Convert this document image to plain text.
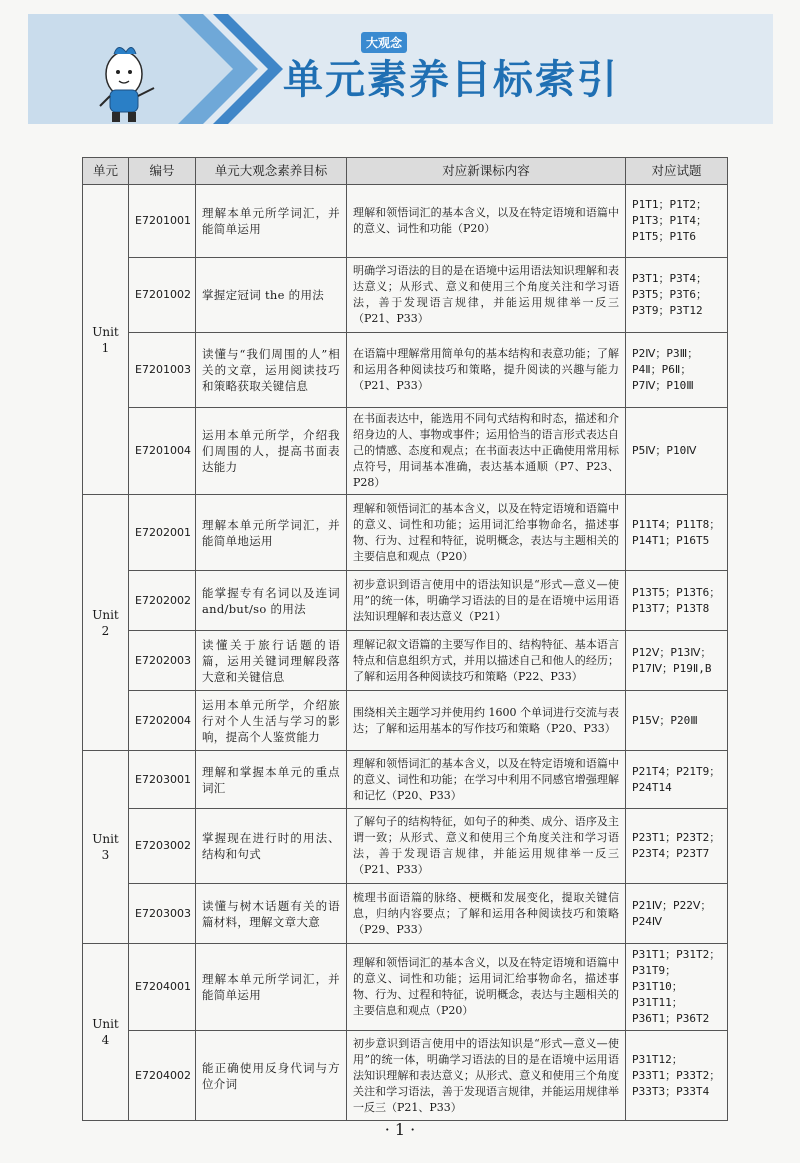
大观念
单元素养目标索引
单元	编号	单元大观念素养目标	对应新课标内容	对应试题
Unit 1	E7201001	理解本单元所学词汇，并能简单运用	理解和领悟词汇的基本含义，以及在特定语境和语篇中的意义、词性和功能（P20）	P1T1；P1T2；P1T3；P1T4；P1T5；P1T6
	E7201002	掌握定冠词 the 的用法	明确学习语法的目的是在语境中运用语法知识理解和表达意义；从形式、意义和使用三个角度关注和学习语法，善于发现语言规律，并能运用规律举一反三（P21、P33）	P3T1；P3T4；P3T5；P3T6；P3T9；P3T12
	E7201003	读懂与“我们周围的人”相关的文章，运用阅读技巧和策略获取关键信息	在语篇中理解常用简单句的基本结构和表意功能；了解和运用各种阅读技巧和策略，提升阅读的兴趣与能力（P21、P33）	P2Ⅳ；P3Ⅲ；P4Ⅱ；P6Ⅱ；P7Ⅳ；P10Ⅲ
	E7201004	运用本单元所学，介绍我们周围的人，提高书面表达能力	在书面表达中，能选用不同句式结构和时态，描述和介绍身边的人、事物或事件；运用恰当的语言形式表达自己的情感、态度和观点；在书面表达中正确使用常用标点符号，用词基本准确，表达基本通顺（P7、P23、P28）	P5Ⅳ；P10Ⅳ
Unit 2	E7202001	理解本单元所学词汇，并能简单地运用	理解和领悟词汇的基本含义，以及在特定语境和语篇中的意义、词性和功能；运用词汇给事物命名，描述事物、行为、过程和特征，说明概念，表达与主题相关的主要信息和观点（P20）	P11T4；P11T8；P14T1；P16T5
	E7202002	能掌握专有名词以及连词 and/but/so 的用法	初步意识到语言使用中的语法知识是“形式—意义—使用”的统一体，明确学习语法的目的是在语境中运用语法知识理解和表达意义（P21）	P13T5；P13T6；P13T7；P13T8
	E7202003	读懂关于旅行话题的语篇，运用关键词理解段落大意和关键信息	理解记叙文语篇的主要写作目的、结构特征、基本语言特点和信息组织方式，并用以描述自己和他人的经历；了解和运用各种阅读技巧和策略（P22、P33）	P12Ⅴ；P13Ⅳ；P17Ⅳ；P19Ⅱ,B
	E7202004	运用本单元所学，介绍旅行对个人生活与学习的影响，提高个人鉴赏能力	围绕相关主题学习并使用约 1600 个单词进行交流与表达；了解和运用基本的写作技巧和策略（P20、P33）	P15Ⅴ；P20Ⅲ
Unit 3	E7203001	理解和掌握本单元的重点词汇	理解和领悟词汇的基本含义，以及在特定语境和语篇中的意义、词性和功能；在学习中利用不同感官增强理解和记忆（P20、P33）	P21T4；P21T9；P24T14
	E7203002	掌握现在进行时的用法、结构和句式	了解句子的结构特征，如句子的种类、成分、语序及主谓一致；从形式、意义和使用三个角度关注和学习语法，善于发现语言规律，并能运用规律举一反三（P21、P33）	P23T1；P23T2；P23T4；P23T7
	E7203003	读懂与树木话题有关的语篇材料，理解文章大意	梳理书面语篇的脉络、梗概和发展变化，提取关键信息，归纳内容要点；了解和运用各种阅读技巧和策略（P29、P33）	P21Ⅳ；P22Ⅴ；P24Ⅳ
Unit 4	E7204001	理解本单元所学词汇，并能简单运用	理解和领悟词汇的基本含义，以及在特定语境和语篇中的意义、词性和功能；运用词汇给事物命名，描述事物、行为、过程和特征，说明概念，表达与主题相关的主要信息和观点（P20）	P31T1；P31T2；P31T9；P31T10；P31T11；P36T1；P36T2
	E7204002	能正确使用反身代词与方位介词	初步意识到语言使用中的语法知识是“形式—意义—使用”的统一体，明确学习语法的目的是在语境中运用语法知识理解和表达意义；从形式、意义和使用三个角度关注和学习语法，善于发现语言规律，并能运用规律举一反三（P21、P33）	P31T12；P33T1；P33T2；P33T3；P33T4
· 1 ·
